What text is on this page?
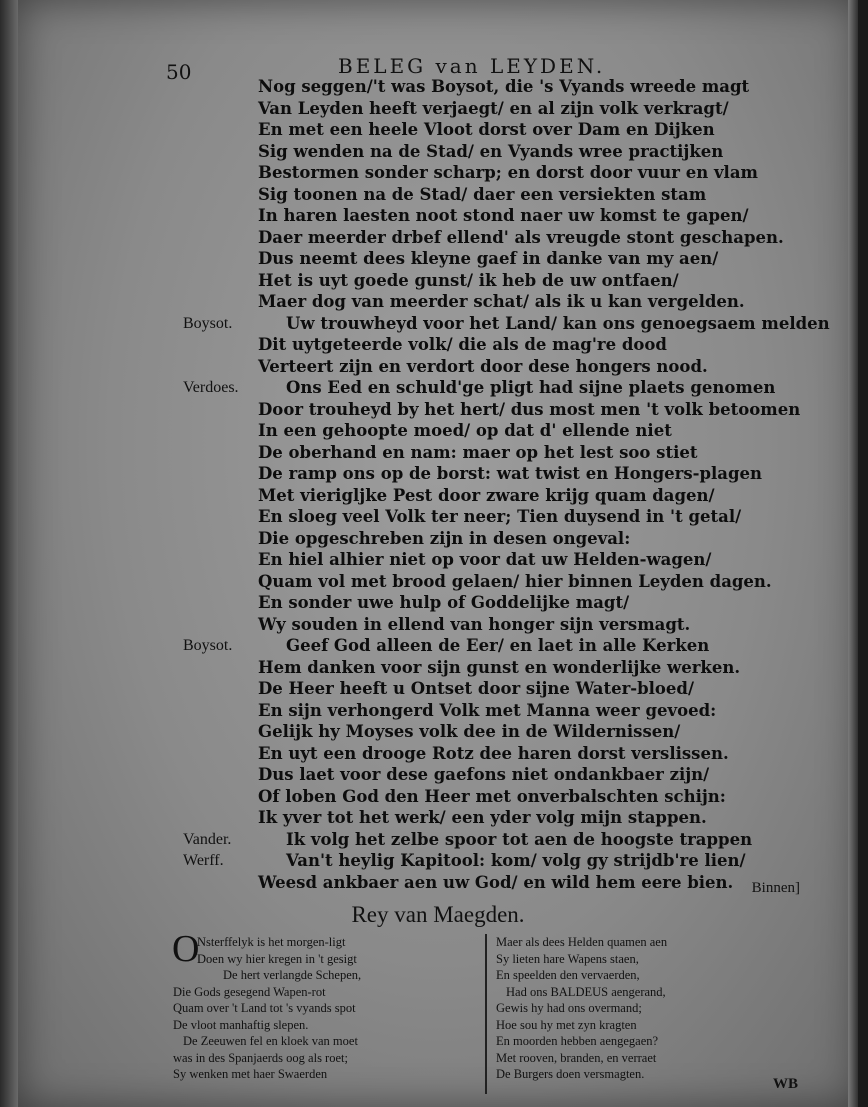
50	BELEG van LEYDEN.
Nog seggen/'t was Boysot, die 's Vyands wreede magt
Van Leyden heeft verjaegt/ en al zijn volk verkragt/
En met een heele Vloot dorst over Dam en Dijken
Sig wenden na de Stad/ en Vyands wree practijken
Bestormen sonder scharp; en dorst door vuur en vlam
Sig toonen na de Stad/ daer een versiekten stam
In haren laesten noot stond naer uw komst te gapen/
Daer meerder drbef ellend' als vreugde stont geschapen.
Dus neemt dees kleyne gaef in danke van my aen/
Het is uyt goede gunst/ ik heb de uw ontfaen/
Maer dog van meerder schat/ als ik u kan vergelden.
Boysot.	Uw trouwheyd voor het Land/ kan ons genoegsaem melden
Dit uytgeteerde volk/ die als de mag're dood
Verteert zijn en verdort door dese hongers nood.
Verdoes.	Ons Eed en schuld'ge pligt had sijne plaets genomen
Door trouheyd by het hert/ dus most men 't volk betoomen
In een gehoopte moed/ op dat d' ellende niet
De oberhand en nam: maer op het lest soo stiet
De ramp ons op de borst: wat twist en Hongers-plagen
Met vierigljke Pest door zware krijg quam dagen/
En sloeg veel Volk ter neer; Tien duysend in 't getal/
Die opgeschreben zijn in desen ongeval:
En hiel alhier niet op voor dat uw Helden-wagen/
Quam vol met brood gelaen/ hier binnen Leyden dagen.
En sonder uwe hulp of Goddelijke magt/
Wy souden in ellend van honger sijn versmagt.
Boysot.	Geef God alleen de Eer/ en laet in alle Kerken
Hem danken voor sijn gunst en wonderlijke werken.
De Heer heeft u Ontset door sijne Water-bloed/
En sijn verhongerd Volk met Manna weer gevoed:
Gelijk hy Moyses volk dee in de Wildernissen/
En uyt een drooge Rotz dee haren dorst verslissen.
Dus laet voor dese gaefons niet ondankbaer zijn/
Of loben God den Heer met onverbalschten schijn:
Ik yver tot het werk/ een yder volg mijn stappen.
Vander.	Ik volg het zelbe spoor tot aen de hoogste trappen
Werff.	Van't heylig Kapitool: kom/ volg gy strijdb're lien/
Weesd ankbaer aen uw God/ en wild hem eere bien. Binnen]
Rey van Maegden.
O
Nsterffelyk is het morgen-ligt
Doen wy hier kregen in 't gesigt
De hert verlangde Schepen,
Die Gods gesegend Wapen-rot
Quam over 't Land tot 's vyands spot
De vloot manhaftig slepen.
De Zeeuwen fel en kloek van moet
was in des Spanjaerds oog als roet;
Sy wenken met haer Swaerden
Maer als dees Helden quamen aen
Sy lieten hare Wapens staen,
En speelden den vervaerden,
Had ons BALDEUS aengerand,
Gewis hy had ons overmand;
Hoe sou hy met zyn kragten
En moorden hebben aengegaen?
Met rooven, branden, en verraet
De Burgers doen versmagten.
WB
